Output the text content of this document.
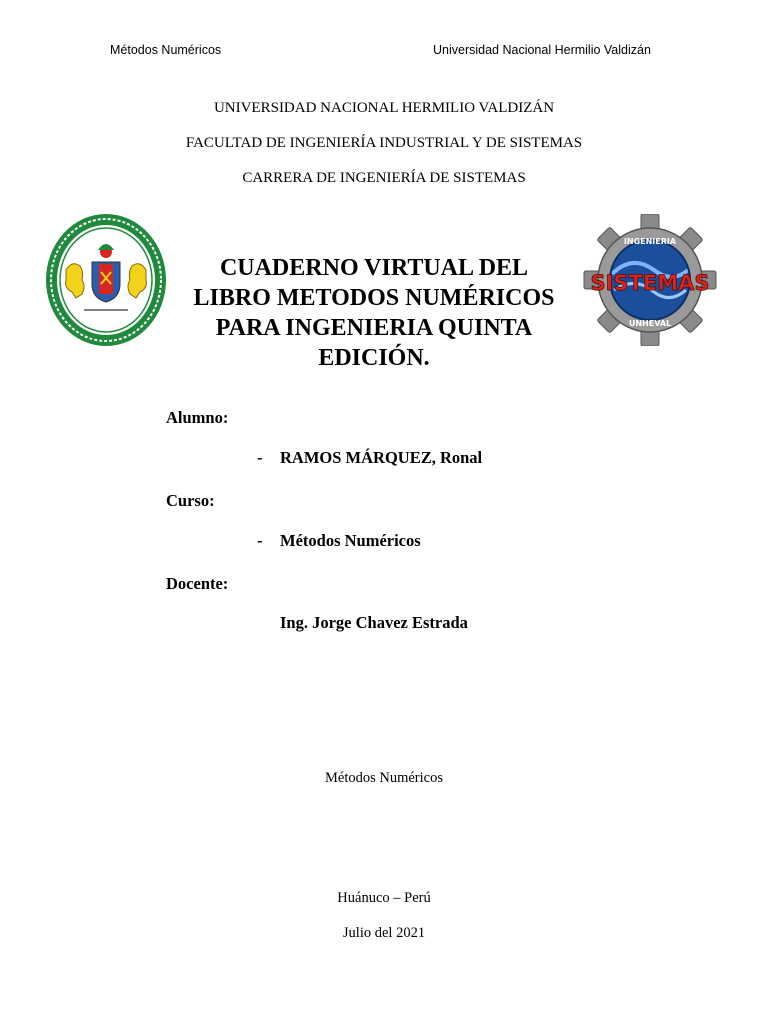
Métodos Numéricos	Universidad Nacional Hermilio Valdizán
UNIVERSIDAD NACIONAL HERMILIO VALDIZÁN
FACULTAD DE INGENIERÍA INDUSTRIAL Y DE SISTEMAS
CARRERA DE INGENIERÍA DE SISTEMAS
CUADERNO VIRTUAL DEL
LIBRO METODOS NUMÉRICOS
PARA INGENIERIA QUINTA
EDICIÓN.
INGENIERIA
UNHEVAL
SISTEMAS
Alumno:
- RAMOS MÁRQUEZ, Ronal
Curso:
- Métodos Numéricos
Docente:
Ing. Jorge Chavez Estrada
Métodos Numéricos
Huánuco – Perú
Julio del 2021
